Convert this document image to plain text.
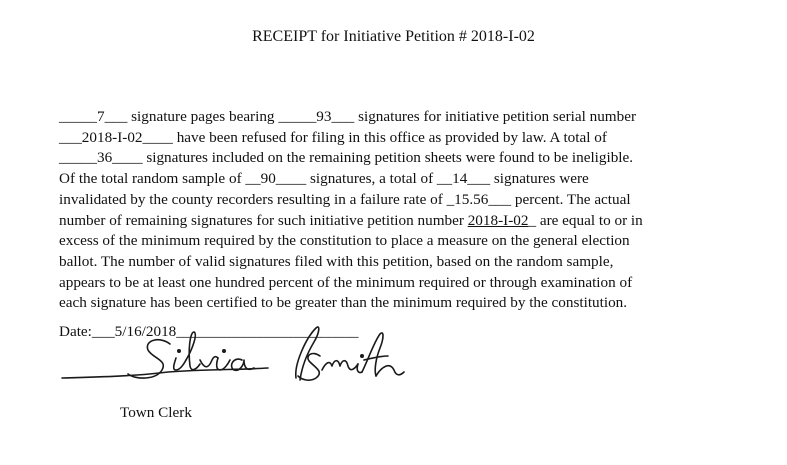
RECEIPT for Initiative Petition # 2018-I-02
_____7___ signature pages bearing _____93___ signatures for initiative petition serial number
___2018-I-02____ have been refused for filing in this office as provided by law. A total of
_____36____ signatures included on the remaining petition sheets were found to be ineligible.
Of the total random sample of __90____ signatures, a total of __14___ signatures were
invalidated by the county recorders resulting in a failure rate of _15.56___ percent. The actual
number of remaining signatures for such initiative petition number 2018-I-02_ are equal to or in
excess of the minimum required by the constitution to place a measure on the general election
ballot. The number of valid signatures filed with this petition, based on the random sample,
appears to be at least one hundred percent of the minimum required or through examination of
each signature has been certified to be greater than the minimum required by the constitution.
Date:___5/16/2018________________________
Town Clerk
